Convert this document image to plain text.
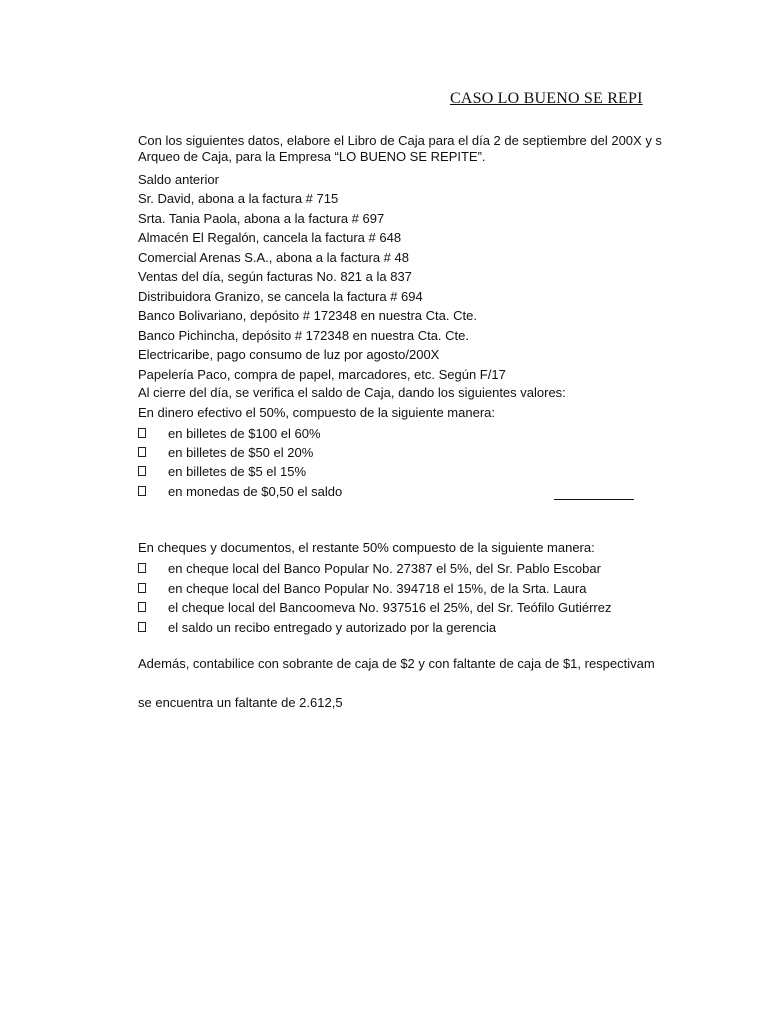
CASO LO BUENO SE REPI
Con los siguientes datos, elabore el Libro de Caja para el día 2 de septiembre del 200X y s
Arqueo de Caja, para la Empresa “LO BUENO SE REPITE”.
Saldo anterior
Sr. David, abona a la factura # 715
Srta. Tania Paola, abona a la factura # 697
Almacén El Regalón, cancela la factura # 648
Comercial Arenas S.A., abona a la factura # 48
Ventas del día, según facturas No. 821 a la 837
Distribuidora Granizo, se cancela la factura # 694
Banco Bolivariano, depósito # 172348 en nuestra Cta. Cte.
Banco Pichincha, depósito # 172348 en nuestra Cta. Cte.
Electricaribe, pago consumo de luz por agosto/200X
Papelería Paco, compra de papel, marcadores, etc. Según F/17
Al cierre del día, se verifica el saldo de Caja, dando los siguientes valores:
En dinero efectivo el 50%, compuesto de la siguiente manera:
en billetes de $100 el 60%
en billetes de $50 el 20%
en billetes de $5 el 15%
en monedas de $0,50 el saldo
En cheques y documentos, el restante 50% compuesto de la siguiente manera:
en cheque local del Banco Popular No. 27387 el 5%, del Sr. Pablo Escobar
en cheque local del Banco Popular No. 394718 el 15%, de la Srta. Laura
el cheque local del Bancoomeva No. 937516 el 25%, del Sr. Teófilo Gutiérrez
el saldo un recibo entregado y autorizado por la gerencia
Además, contabilice con sobrante de caja de $2 y con faltante de caja de $1, respectivam
se encuentra un faltante de 2.612,5
